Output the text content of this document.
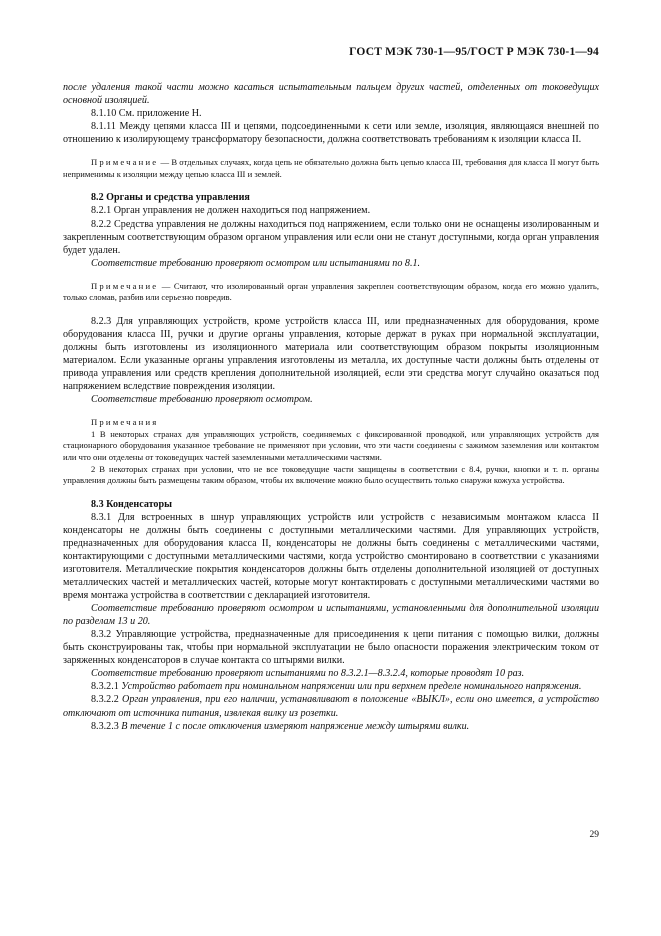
ГОСТ МЭК 730-1—95/ГОСТ Р МЭК 730-1—94

после удаления такой части можно касаться испытательным пальцем других частей, отделенных от токоведущих основной изоляцией.

8.1.10 См. приложение Н.

8.1.11 Между цепями класса III и цепями, подсоединенными к сети или земле, изоляция, являющаяся внешней по отношению к изолирующему трансформатору безопасности, должна соответствовать требованиям к изоляции класса II.

Примечание — В отдельных случаях, когда цепь не обязательно должна быть цепью класса III, требования для класса II могут быть неприменимы к изоляции между цепью класса III и землей.

8.2 Органы и средства управления

8.2.1 Орган управления не должен находиться под напряжением.

8.2.2 Средства управления не должны находиться под напряжением, если только они не оснащены изолированным и закрепленным соответствующим образом органом управления или если они не станут доступными, когда орган управления будет удален.

Соответствие требованию проверяют осмотром или испытаниями по 8.1.

Примечание — Считают, что изолированный орган управления закреплен соответствующим образом, когда его можно удалить, только сломав, разбив или серьезно повредив.

8.2.3 Для управляющих устройств, кроме устройств класса III, или предназначенных для оборудования, кроме оборудования класса III, ручки и другие органы управления, которые держат в руках при нормальной эксплуатации, должны быть изготовлены из изоляционного материала или соответствующим образом покрыты изоляционным материалом. Если указанные органы управления изготовлены из металла, их доступные части должны быть отделены от привода управления или средств крепления дополнительной изоляцией, если эти средства могут случайно оказаться под напряжением вследствие повреждения изоляции.

Соответствие требованию проверяют осмотром.

Примечания

1 В некоторых странах для управляющих устройств, соединяемых с фиксированной проводкой, или управляющих устройств для стационарного оборудования указанное требование не применяют при условии, что эти части соединены с зажимом заземления или контактом или что они отделены от токоведущих частей заземленными металлическими частями.

2 В некоторых странах при условии, что не все токоведущие части защищены в соответствии с 8.4, ручки, кнопки и т. п. органы управления должны быть размещены таким образом, чтобы их включение можно было осуществить только снаружи кожуха устройства.

8.3 Конденсаторы

8.3.1 Для встроенных в шнур управляющих устройств или устройств с независимым монтажом класса II конденсаторы не должны быть соединены с доступными металлическими частями. Для управляющих устройств, предназначенных для оборудования класса II, конденсаторы не должны быть соединены с металлическими частями, контактирующими с доступными металлическими частями, когда устройство смонтировано в соответствии с указаниями изготовителя. Металлические покрытия конденсаторов должны быть отделены дополнительной изоляцией от доступных металлических частей и металлических частей, которые могут контактировать с доступными металлическими частями во время монтажа устройства в соответствии с декларацией изготовителя.

Соответствие требованию проверяют осмотром и испытаниями, установленными для дополнительной изоляции по разделам 13 и 20.

8.3.2 Управляющие устройства, предназначенные для присоединения к цепи питания с помощью вилки, должны быть сконструированы так, чтобы при нормальной эксплуатации не было опасности поражения электрическим током от заряженных конденсаторов в случае контакта со штырями вилки.

Соответствие требованию проверяют испытаниями по 8.3.2.1—8.3.2.4, которые проводят 10 раз.

8.3.2.1 Устройство работает при номинальном напряжении или при верхнем пределе номинального напряжения.

8.3.2.2 Орган управления, при его наличии, устанавливают в положение «ВЫКЛ», если оно имеется, а устройство отключают от источника питания, извлекая вилку из розетки.

8.3.2.3 В течение 1 с после отключения измеряют напряжение между штырями вилки.

29
